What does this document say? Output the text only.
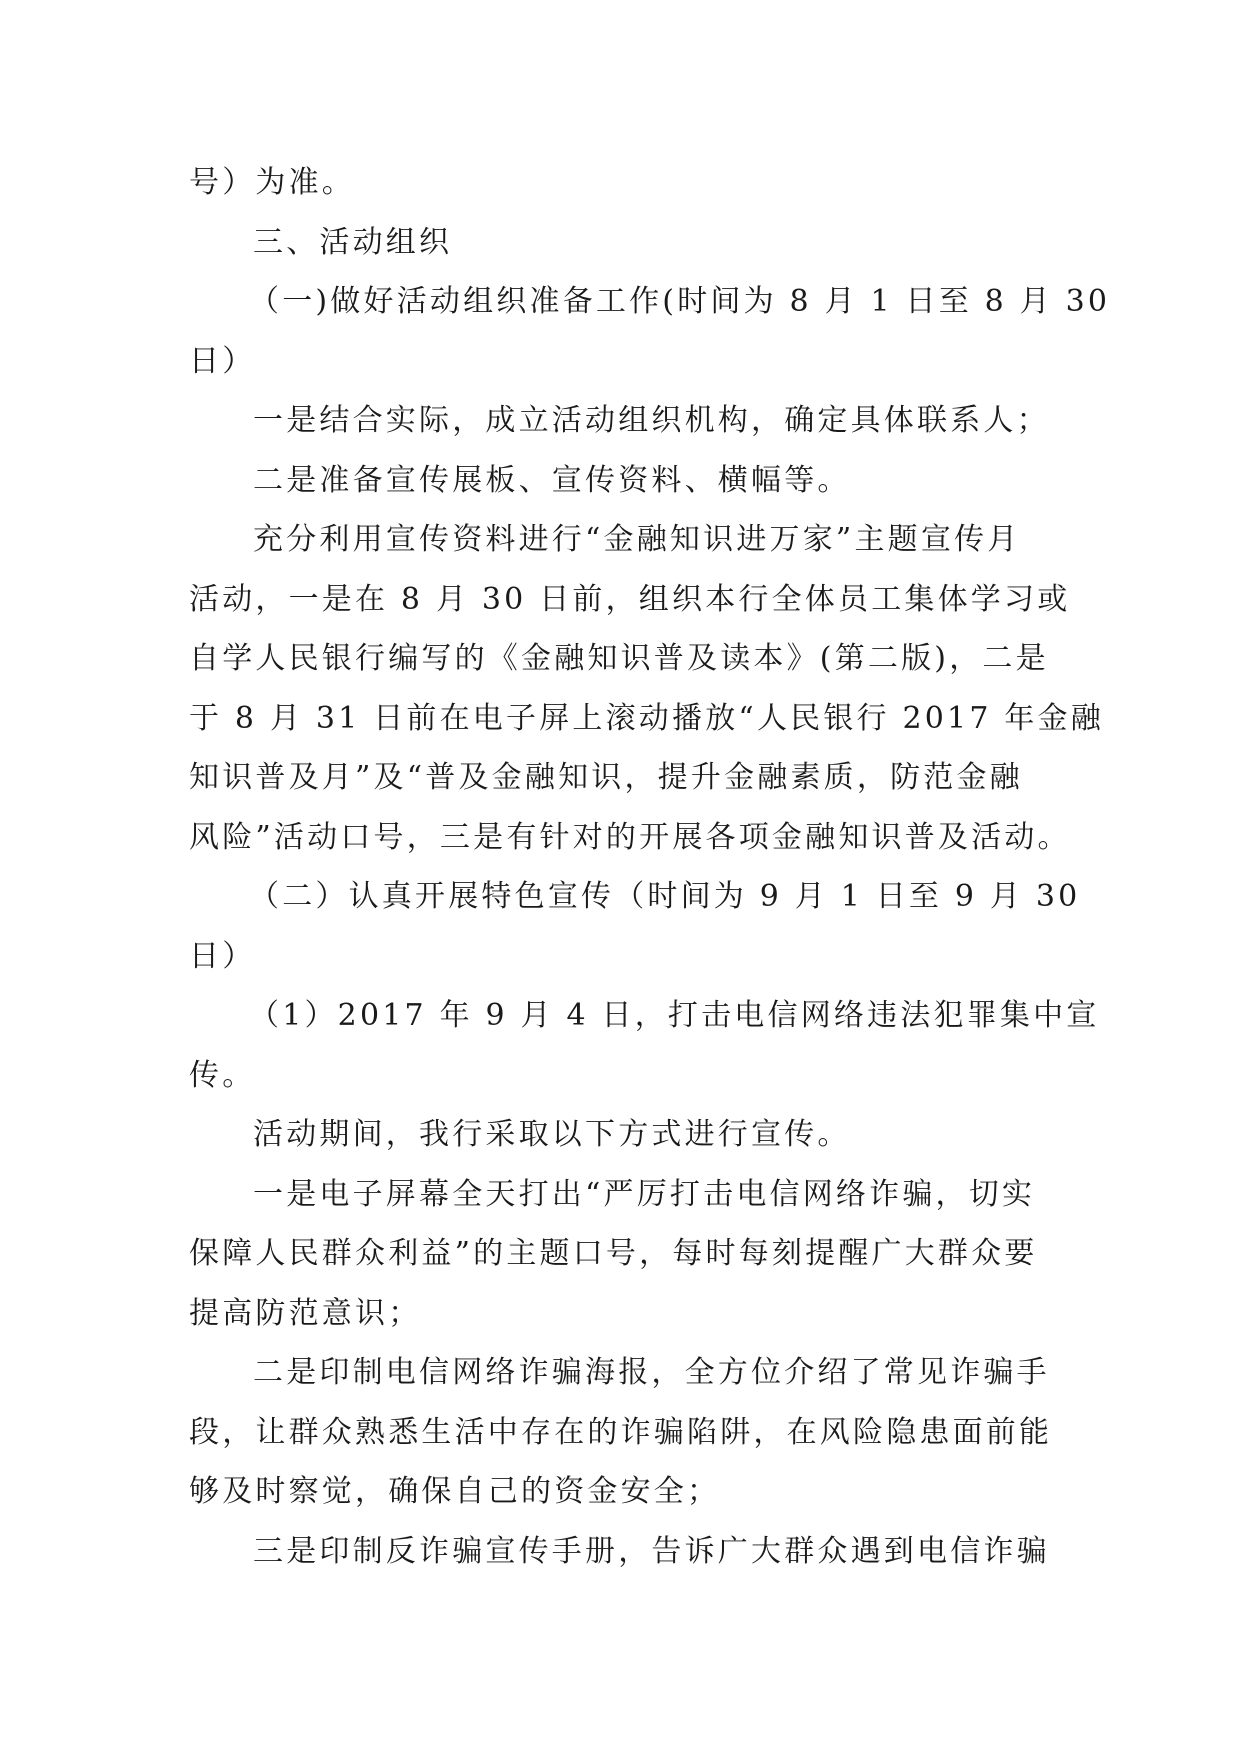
号）为准。
三、活动组织
（一)做好活动组织准备工作(时间为 8 月 1 日至 8 月 30
日）
一是结合实际，成立活动组织机构，确定具体联系人；
二是准备宣传展板、宣传资料、横幅等。
充分利用宣传资料进行“金融知识进万家”主题宣传月
活动，一是在 8 月 30 日前，组织本行全体员工集体学习或
自学人民银行编写的《金融知识普及读本》(第二版)，二是
于 8 月 31 日前在电子屏上滚动播放“人民银行 2017 年金融
知识普及月”及“普及金融知识，提升金融素质，防范金融
风险”活动口号，三是有针对的开展各项金融知识普及活动。
（二）认真开展特色宣传（时间为 9 月 1 日至 9 月 30
日）
（1）2017 年 9 月 4 日，打击电信网络违法犯罪集中宣
传。
活动期间，我行采取以下方式进行宣传。
一是电子屏幕全天打出“严厉打击电信网络诈骗，切实
保障人民群众利益”的主题口号，每时每刻提醒广大群众要
提高防范意识；
二是印制电信网络诈骗海报，全方位介绍了常见诈骗手
段，让群众熟悉生活中存在的诈骗陷阱，在风险隐患面前能
够及时察觉，确保自己的资金安全；
三是印制反诈骗宣传手册，告诉广大群众遇到电信诈骗
